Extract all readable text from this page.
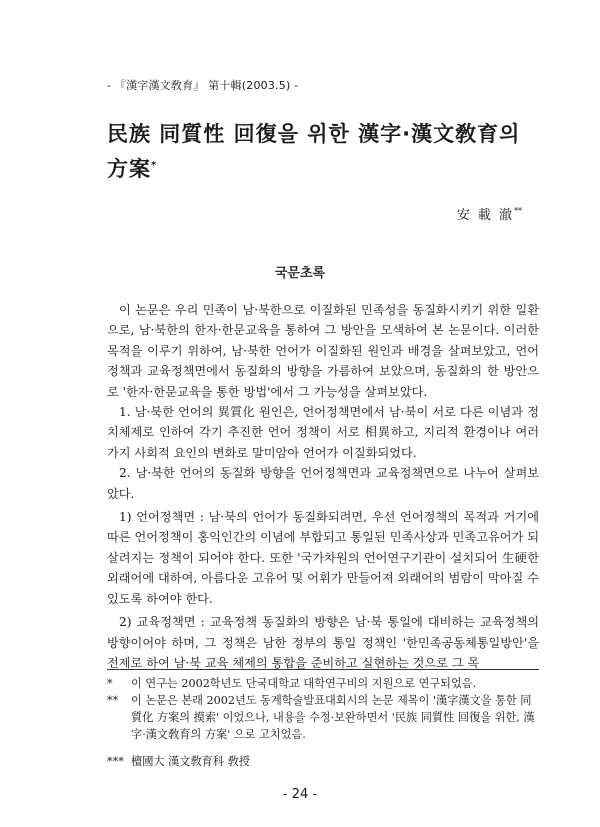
- 『漢字漢文敎育』 第十輯(2003.5) -
民族 同質性 回復을 위한 漢字·漢文敎育의
方案*
安 載 澈**
국문초록

이 논문은 우리 민족이 남·북한으로 이질화된 민족성을 동질화시키기 위한 일환으로, 남·북한의 한자·한문교육을 통하여 그 방안을 모색하여 본 논문이다. 이러한 목적을 이루기 위하여, 남·북한 언어가 이질화된 원인과 배경을 살펴보았고, 언어정책과 교육정책면에서 동질화의 방향을 가름하여 보았으며, 동질화의 한 방안으로 '한자·한문교육을 통한 방법'에서 그 가능성을 살펴보았다.

1. 남·북한 언어의 異質化 원인은, 언어정책면에서 남·북이 서로 다른 이념과 정치체제로 인하여 각기 추진한 언어 정책이 서로 相異하고, 지리적 환경이나 여러 가지 사회적 요인의 변화로 말미암아 언어가 이질화되었다.

2. 남·북한 언어의 동질화 방향을 언어정책면과 교육정책면으로 나누어 살펴보았다.

1) 언어정책면 : 남·북의 언어가 동질화되려면, 우선 언어정책의 목적과 거기에 따른 언어정책이 홍익인간의 이념에 부합되고 통일된 민족사상과 민족고유어가 되살려지는 정책이 되어야 한다. 또한 '국가차원의 언어연구기관이 설치되어 生硬한 외래어에 대하여, 아름다운 고유어 및 어휘가 만들어져 외래어의 범람이 막아질 수 있도록 하여야 한다.

2) 교육정책면 : 교육정책 동질화의 방향은 남·북 통일에 대비하는 교육정책의 방향이어야 하며, 그 정책은 남한 정부의 통일 정책인 '한민족공동체통일방안'을 전제로 하여 남·북 교육 체제의 통합을 준비하고 실현하는 것으로 그 목

* 이 연구는 2002학년도 단국대학교 대학연구비의 지원으로 연구되었음.
** 이 논문은 본래 2002년도 동계학술발표대회시의 논문 제목이 '漢字漢文을 통한 同質化 方案의 摸索' 이었으나, 내용을 수정·보완하면서 '民族 同質性 回復을 위한, 漢字·漢文敎育의 方案' 으로 고치었음.
*** 檀國大 漢文敎育科 敎授
- 24 -
